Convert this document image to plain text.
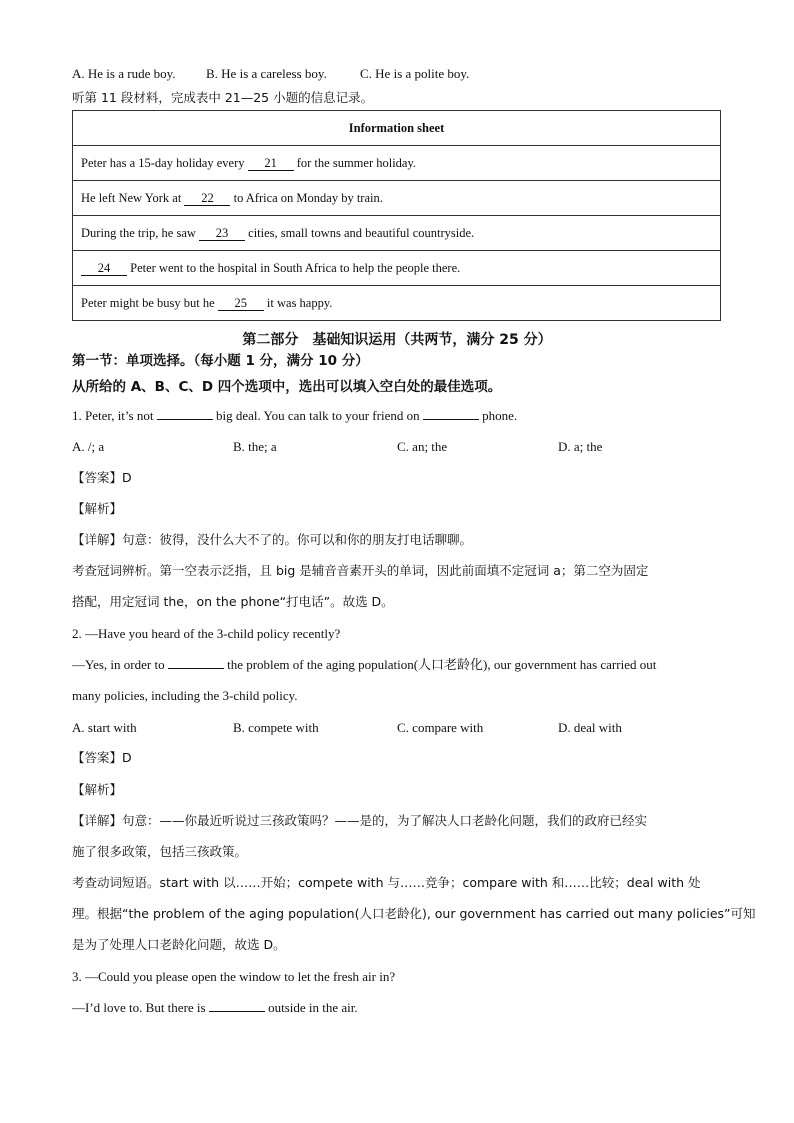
A. He is a rude boy. B. He is a careless boy.	C. He is a polite boy.
听第 11 段材料，完成表中 21—25 小题的信息记录。
Information sheet
Peter has a 15-day holiday every 21 for the summer holiday.
He left New York at 22 to Africa on Monday by train.
During the trip, he saw 23 cities, small towns and beautiful countryside.
24 Peter went to the hospital in South Africa to help the people there.
Peter might be busy but he 25 it was happy.
第二部分　基础知识运用（共两节，满分 25 分）
第一节：单项选择。（每小题 1 分，满分 10 分）
从所给的 A、B、C、D 四个选项中，选出可以填入空白处的最佳选项。
1. Peter, it’s not	big deal. You can talk to your friend on	phone.
A. /; a	B. the; a	C. an; the	D. a; the
【答案】D
【解析】
【详解】句意：彼得，没什么大不了的。你可以和你的朋友打电话聊聊。
考查冠词辨析。第一空表示泛指，且 big 是辅音音素开头的单词，因此前面填不定冠词 a；第二空为固定
搭配，用定冠词 the，on the phone“打电话”。故选 D。
2. —Have you heard of the 3-child policy recently?
—Yes, in order to	the problem of the aging population(人口老龄化), our government has carried out
many policies, including the 3-child policy.
A. start with	B. compete with	C. compare with	D. deal with
【答案】D
【解析】
【详解】句意：——你最近听说过三孩政策吗？——是的，为了解决人口老龄化问题，我们的政府已经实
施了很多政策，包括三孩政策。
考查动词短语。start with 以……开始；compete with 与……竞争；compare with 和……比较；deal with 处
理。根据“the problem of the aging population(人口老龄化), our government has carried out many policies”可知
是为了处理人口老龄化问题，故选 D。
3. —Could you please open the window to let the fresh air in?
—I’d love to. But there is	outside in the air.
